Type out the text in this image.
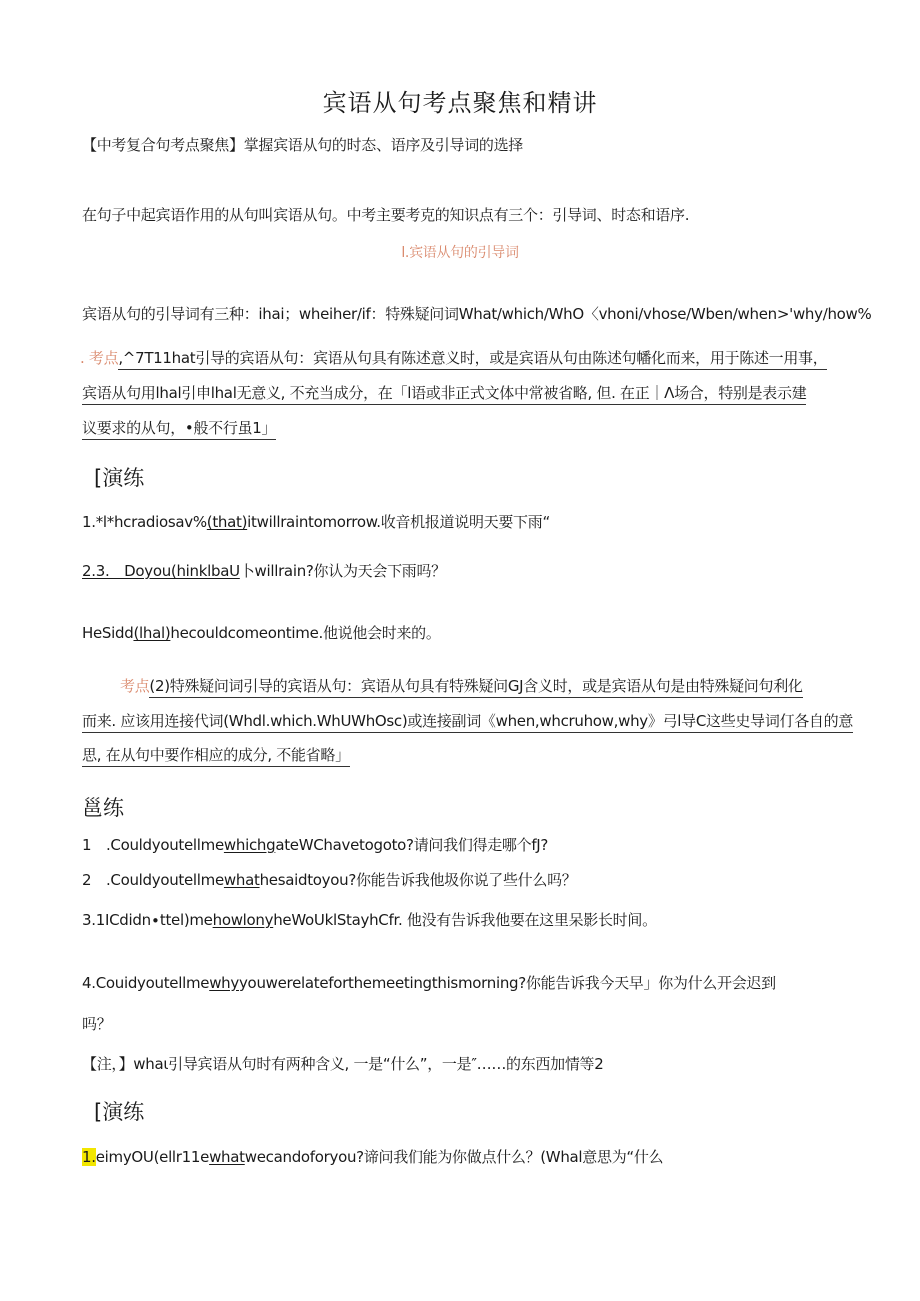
宾语从句考点聚焦和精讲
【中考复合句考点聚焦】掌握宾语从句的时态、语序及引导词的选择
在句子中起宾语作用的从句叫宾语从句。中考主要考克的知识点有三个：引导词、时态和语序.
l.宾语从句的引导词
宾语从句的引导词有三种：ihai；wheiher/if：特殊疑问词What/which/WhO〈vhoni∕vhose∕Wben∕when>'why∕how%
. 考点,^7T11hat引导的宾语从句：宾语从句具有陈述意义时，或是宾语从句由陈述句幡化而来，用于陈述一用事，
宾语从句用lhal引申lhal无意义, 不充当成分，在「l语或非正式文体中常被省略, 但. 在正｜Λ场合，特别是表示建
议要求的从句，•般不行虽1」
[演练
1.*l*hcradiosav%(that)itwillraintomorrow.收音机报道说明天要下雨“
2.3.　Doyou(hinklbaU卜willrain?你认为天会下雨吗？
HeSidd(lhal)hecouldcomeontime.他说他会时来的。
考点(2)特殊疑问词引导的宾语从句：宾语从句具有特殊疑问GJ含义时，或是宾语从句是由特殊疑问句利化
而来. 应该用连接代词(Whdl.which.WhUWhOsc)或连接副词《when,whcruhow,why》弓l导C这些史导词仃各自的意
思, 在从句中要作相应的成分, 不能省略」
邕练
1　.CouldyoutellmewhichgateWChavetogoto?请问我们得走哪个fJ?
2　.Couldyoutellmewhathesaidtoyou?你能告诉我他圾你说了些什么吗？
3.1ICdidn∙ttel)mehowlonyheWoUklStayhCfr. 他没有告诉我他要在这里呆影长时间。
4.Couidyoutellmewhyyouwerelateforthemeetingthismorning?你能告诉我今天早」你为什么开会迟到
吗？
【注，】whaι引导宾语从句时有两种含义, 一是“什么”，一是″……的东西加情等2
[演练
1.eimyOU(ellr11ewhatwecandoforyou?谛问我们能为你做点什么？(Whal意思为“什么
